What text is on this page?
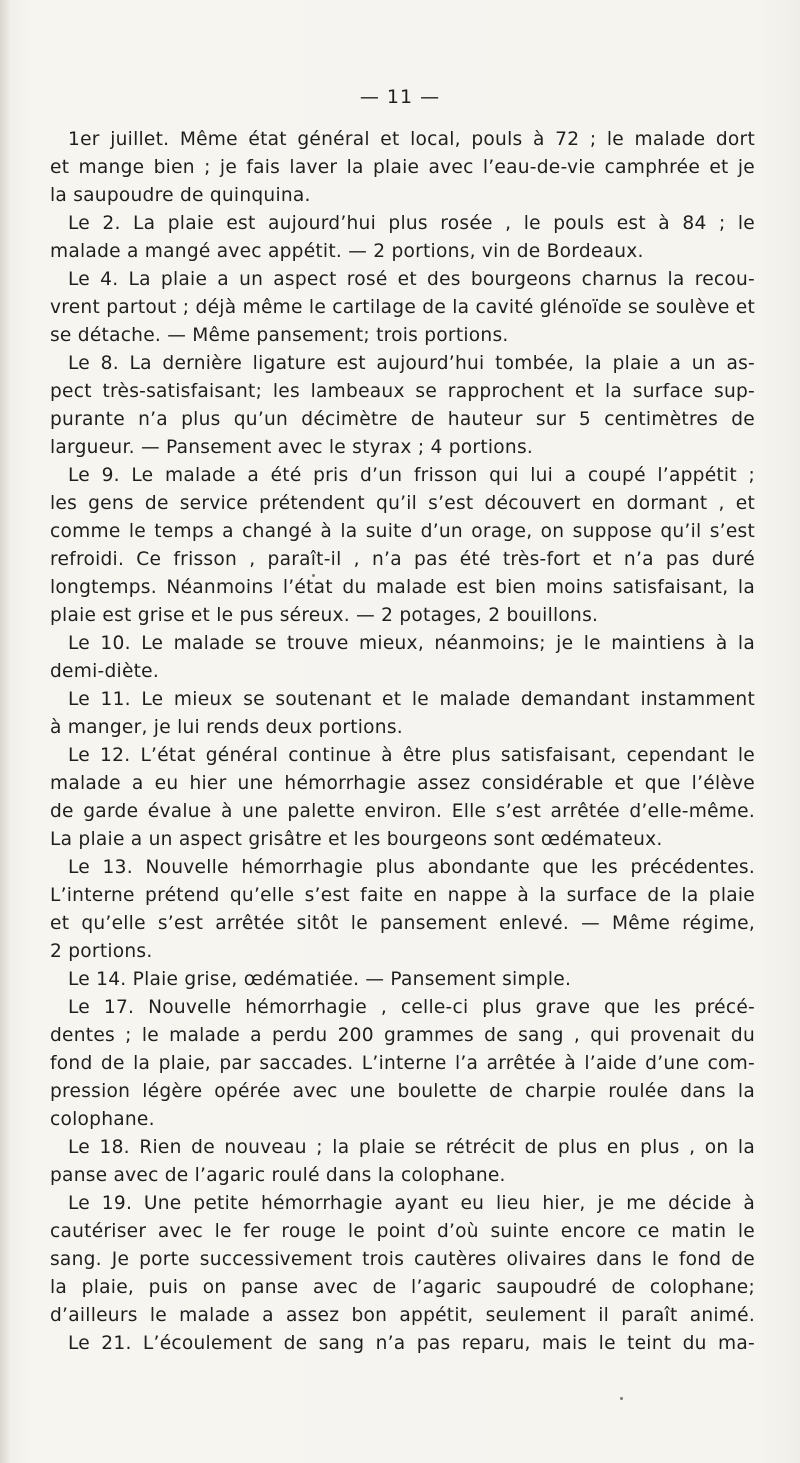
— 11 —
1er juillet. Même état général et local, pouls à 72 ; le malade dort
et mange bien ; je fais laver la plaie avec l’eau-de-vie camphrée et je
la saupoudre de quinquina.
Le 2. La plaie est aujourd’hui plus rosée , le pouls est à 84 ; le
malade a mangé avec appétit. — 2 portions, vin de Bordeaux.
Le 4. La plaie a un aspect rosé et des bourgeons charnus la recou-
vrent partout ; déjà même le cartilage de la cavité glénoïde se soulève et
se détache. — Même pansement; trois portions.
Le 8. La dernière ligature est aujourd’hui tombée, la plaie a un as-
pect très-satisfaisant; les lambeaux se rapprochent et la surface sup-
purante n’a plus qu’un décimètre de hauteur sur 5 centimètres de
largueur. — Pansement avec le styrax ; 4 portions.
Le 9. Le malade a été pris d’un frisson qui lui a coupé l’appétit ;
les gens de service prétendent qu’il s’est découvert en dormant , et
comme le temps a changé à la suite d’un orage, on suppose qu’il s’est
refroidi. Ce frisson , paraît-il , n’a pas été très-fort et n’a pas duré
longtemps. Néanmoins l’état du malade est bien moins satisfaisant, la
plaie est grise et le pus séreux. — 2 potages, 2 bouillons.
Le 10. Le malade se trouve mieux, néanmoins; je le maintiens à la
demi-diète.
Le 11. Le mieux se soutenant et le malade demandant instamment
à manger, je lui rends deux portions.
Le 12. L’état général continue à être plus satisfaisant, cependant le
malade a eu hier une hémorrhagie assez considérable et que l’élève
de garde évalue à une palette environ. Elle s’est arrêtée d’elle-même.
La plaie a un aspect grisâtre et les bourgeons sont œdémateux.
Le 13. Nouvelle hémorrhagie plus abondante que les précédentes.
L’interne prétend qu’elle s’est faite en nappe à la surface de la plaie
et qu’elle s’est arrêtée sitôt le pansement enlevé. — Même régime,
2 portions.
Le 14. Plaie grise, œdématiée. — Pansement simple.
Le 17. Nouvelle hémorrhagie , celle-ci plus grave que les précé-
dentes ; le malade a perdu 200 grammes de sang , qui provenait du
fond de la plaie, par saccades. L’interne l’a arrêtée à l’aide d’une com-
pression légère opérée avec une boulette de charpie roulée dans la
colophane.
Le 18. Rien de nouveau ; la plaie se rétrécit de plus en plus , on la
panse avec de l’agaric roulé dans la colophane.
Le 19. Une petite hémorrhagie ayant eu lieu hier, je me décide à
cautériser avec le fer rouge le point d’où suinte encore ce matin le
sang. Je porte successivement trois cautères olivaires dans le fond de
la plaie, puis on panse avec de l’agaric saupoudré de colophane;
d’ailleurs le malade a assez bon appétit, seulement il paraît animé.
Le 21. L’écoulement de sang n’a pas reparu, mais le teint du ma-
